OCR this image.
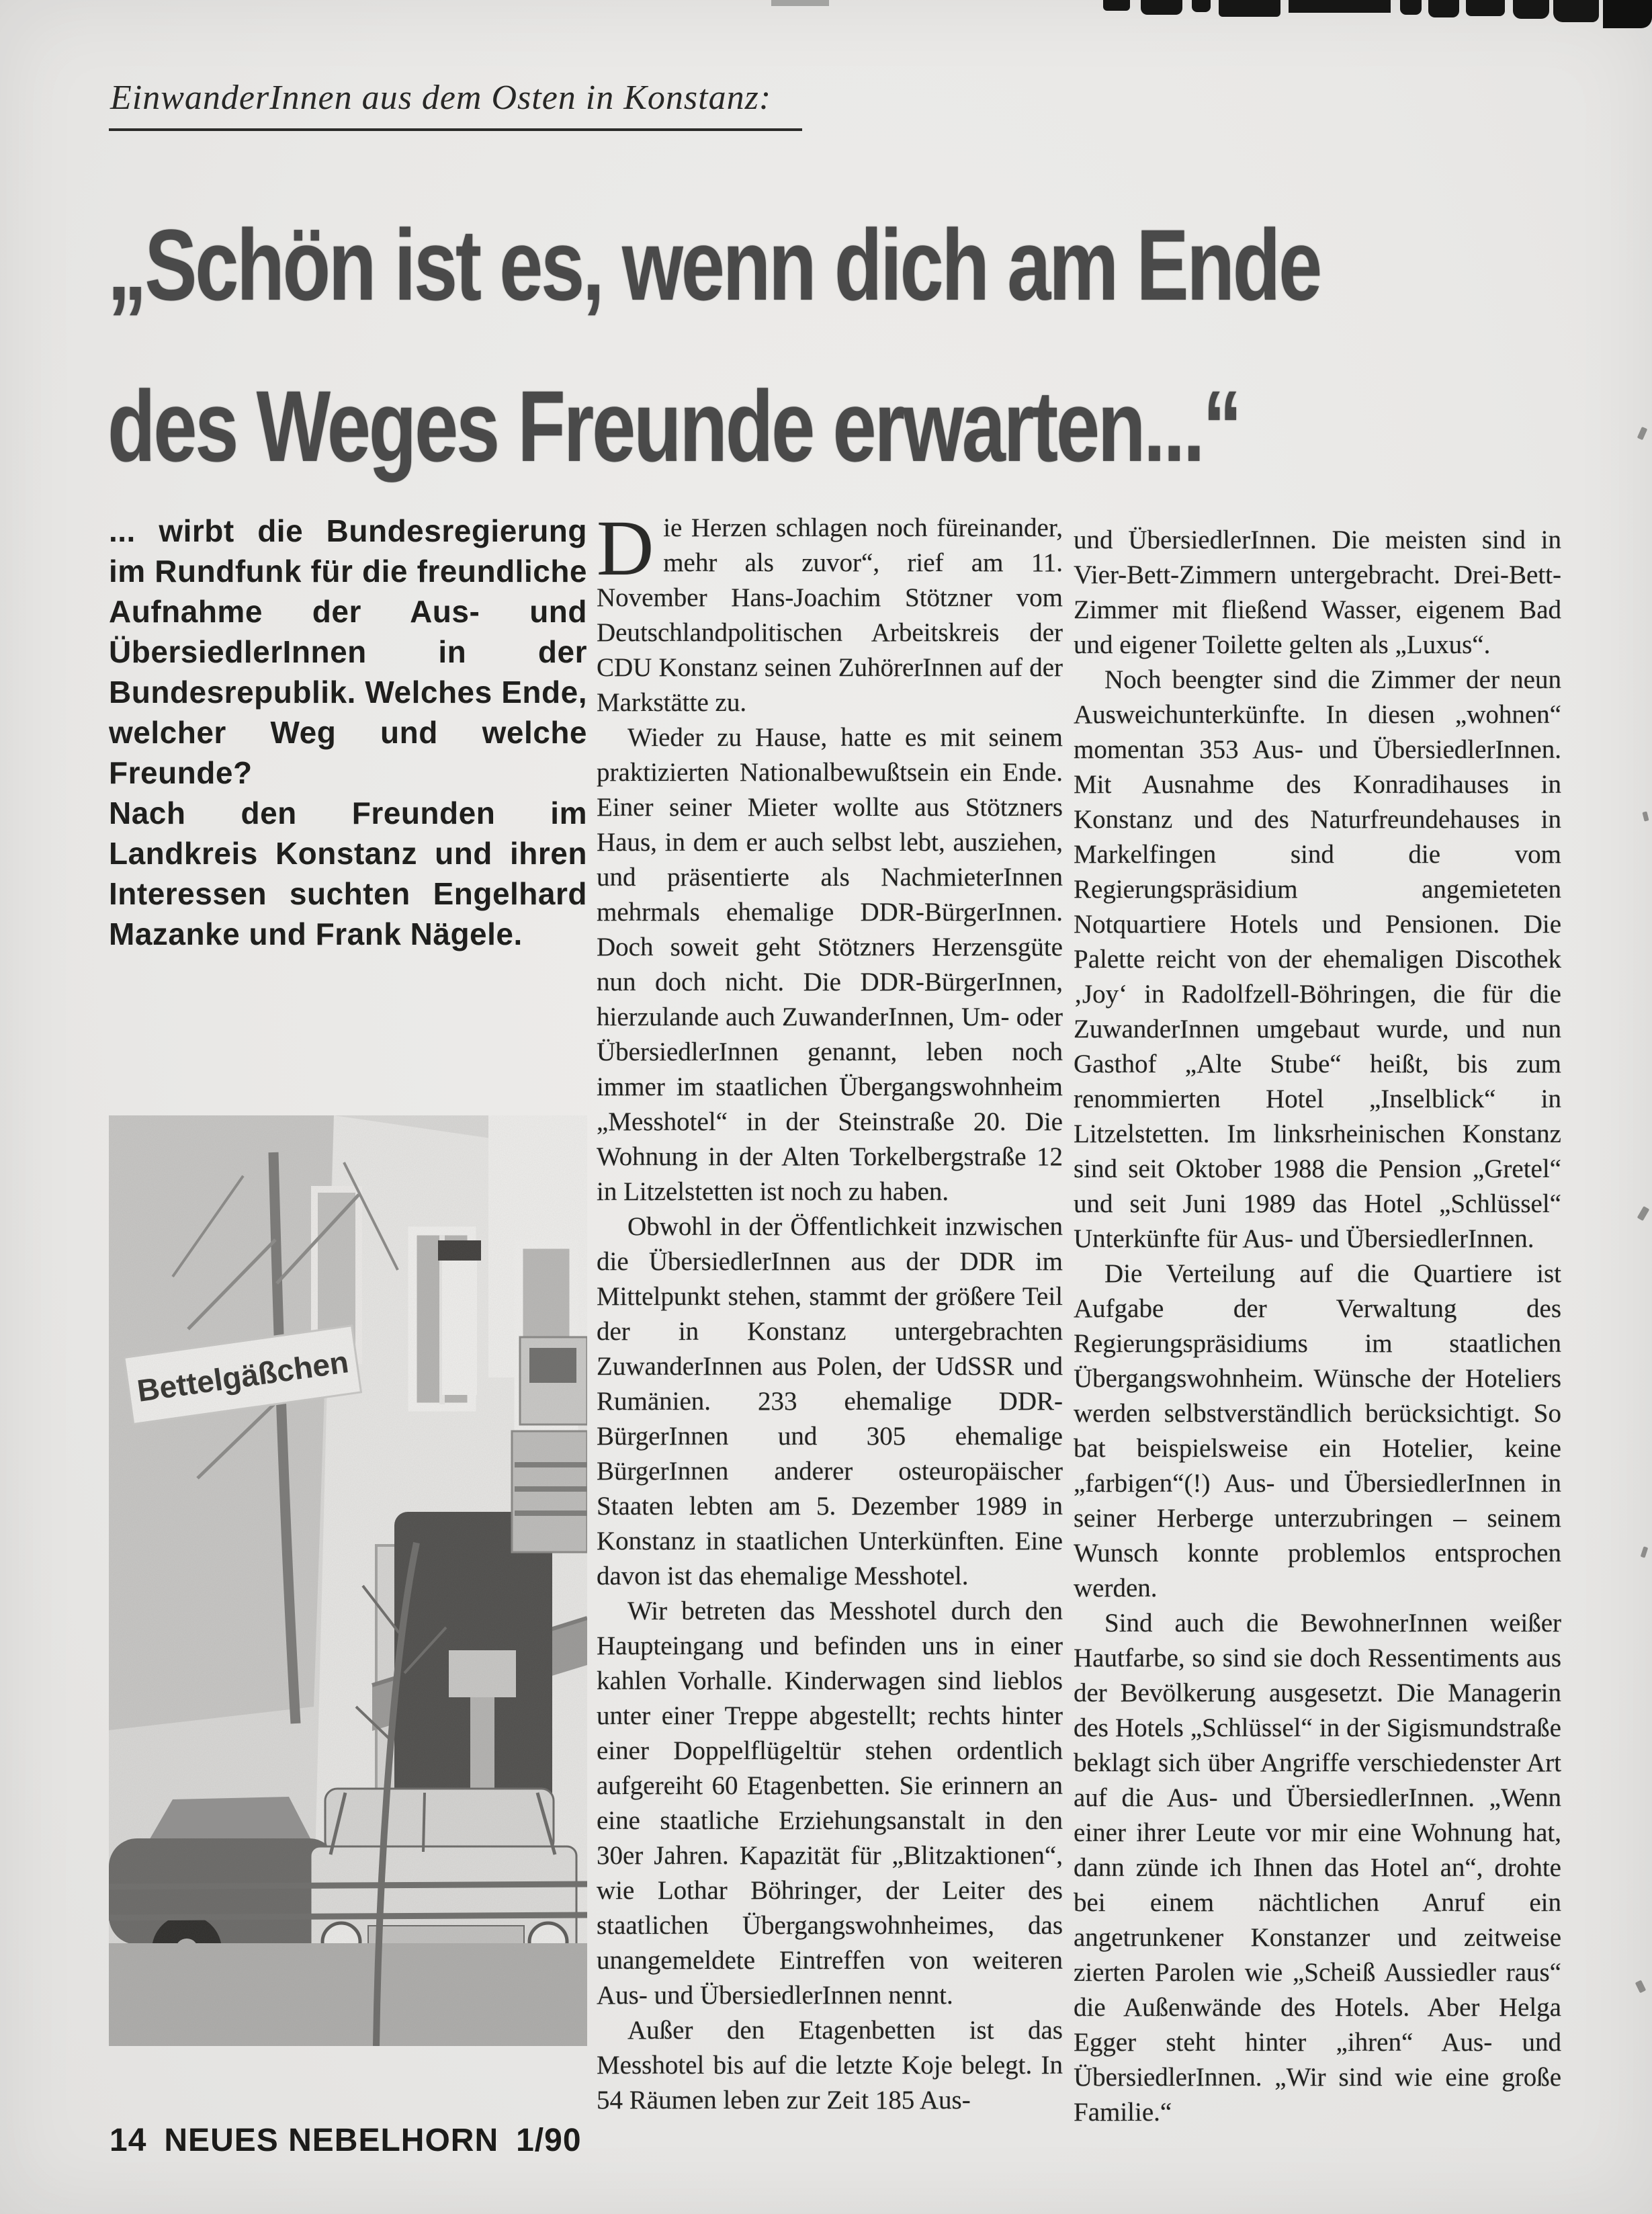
EinwanderInnen aus dem Osten in Konstanz:
„Schön ist es, wenn dich am Ende
des Weges Freunde erwarten...“

... wirbt die Bundesregierung im Rundfunk für die freundliche Aufnahme der Aus- und ÜbersiedlerInnen in der Bundesrepublik. Welches Ende, welcher Weg und welche Freunde?

Nach den Freunden im Landkreis Konstanz und ihren Interessen suchten Engelhard Mazanke und Frank Nägele.

Die Herzen schlagen noch füreinander, mehr als zuvor“, rief am 11. November Hans-Joachim Stötzner vom Deutschlandpolitischen Arbeitskreis der CDU Konstanz seinen ZuhörerInnen auf der Markstätte zu.

Wieder zu Hause, hatte es mit seinem praktizierten Nationalbewußtsein ein Ende. Einer seiner Mieter wollte aus Stötzners Haus, in dem er auch selbst lebt, ausziehen, und präsentierte als NachmieterInnen mehrmals ehemalige DDR-BürgerInnen. Doch soweit geht Stötzners Herzensgüte nun doch nicht. Die DDR-BürgerInnen, hierzulande auch ZuwanderInnen, Um- oder ÜbersiedlerInnen genannt, leben noch immer im staatlichen Übergangswohnheim „Messhotel“ in der Steinstraße 20. Die Wohnung in der Alten Torkelbergstraße 12 in Litzelstetten ist noch zu haben.

Obwohl in der Öffentlichkeit inzwischen die ÜbersiedlerInnen aus der DDR im Mittelpunkt stehen, stammt der größere Teil der in Konstanz untergebrachten ZuwanderInnen aus Polen, der UdSSR und Rumänien. 233 ehemalige DDR-BürgerInnen und 305 ehemalige BürgerInnen anderer osteuropäischer Staaten lebten am 5. Dezember 1989 in Konstanz in staatlichen Unterkünften. Eine davon ist das ehemalige Messhotel.

Wir betreten das Messhotel durch den Haupteingang und befinden uns in einer kahlen Vorhalle. Kinderwagen sind lieblos unter einer Treppe abgestellt; rechts hinter einer Doppelflügeltür stehen ordentlich aufgereiht 60 Etagenbetten. Sie erinnern an eine staatliche Erziehungsanstalt in den 30er Jahren. Kapazität für „Blitzaktionen“, wie Lothar Böhringer, der Leiter des staatlichen Übergangswohnheimes, das unangemeldete Eintreffen von weiteren Aus- und ÜbersiedlerInnen nennt.

Außer den Etagenbetten ist das Messhotel bis auf die letzte Koje belegt. In 54 Räumen leben zur Zeit 185 Aus-

und ÜbersiedlerInnen. Die meisten sind in Vier-Bett-Zimmern untergebracht. Drei-Bett-Zimmer mit fließend Wasser, eigenem Bad und eigener Toilette gelten als „Luxus“.

Noch beengter sind die Zimmer der neun Ausweichunterkünfte. In diesen „wohnen“ momentan 353 Aus- und ÜbersiedlerInnen. Mit Ausnahme des Konradihauses in Konstanz und des Naturfreundehauses in Markelfingen sind die vom Regierungspräsidium angemieteten Notquartiere Hotels und Pensionen. Die Palette reicht von der ehemaligen Discothek ‚Joy‘ in Radolfzell-Böhringen, die für die ZuwanderInnen umgebaut wurde, und nun Gasthof „Alte Stube“ heißt, bis zum renommierten Hotel „Inselblick“ in Litzelstetten. Im linksrheinischen Konstanz sind seit Oktober 1988 die Pension „Gretel“ und seit Juni 1989 das Hotel „Schlüssel“ Unterkünfte für Aus- und ÜbersiedlerInnen.

Die Verteilung auf die Quartiere ist Aufgabe der Verwaltung des Regierungspräsidiums im staatlichen Übergangswohnheim. Wünsche der Hoteliers werden selbstverständlich berücksichtigt. So bat beispielsweise ein Hotelier, keine „farbigen“(!) Aus- und ÜbersiedlerInnen in seiner Herberge unterzubringen – seinem Wunsch konnte problemlos entsprochen werden.

Sind auch die BewohnerInnen weißer Hautfarbe, so sind sie doch Ressentiments aus der Bevölkerung ausgesetzt. Die Managerin des Hotels „Schlüssel“ in der Sigismundstraße beklagt sich über Angriffe verschiedenster Art auf die Aus- und ÜbersiedlerInnen. „Wenn einer ihrer Leute vor mir eine Wohnung hat, dann zünde ich Ihnen das Hotel an“, drohte bei einem nächtlichen Anruf ein angetrunkener Konstanzer und zeitweise zierten Parolen wie „Scheiß Aussiedler raus“ die Außenwände des Hotels. Aber Helga Egger steht hinter „ihren“ Aus- und ÜbersiedlerInnen. „Wir sind wie eine große Familie.“

14 NEUES NEBELHORN 1/90
